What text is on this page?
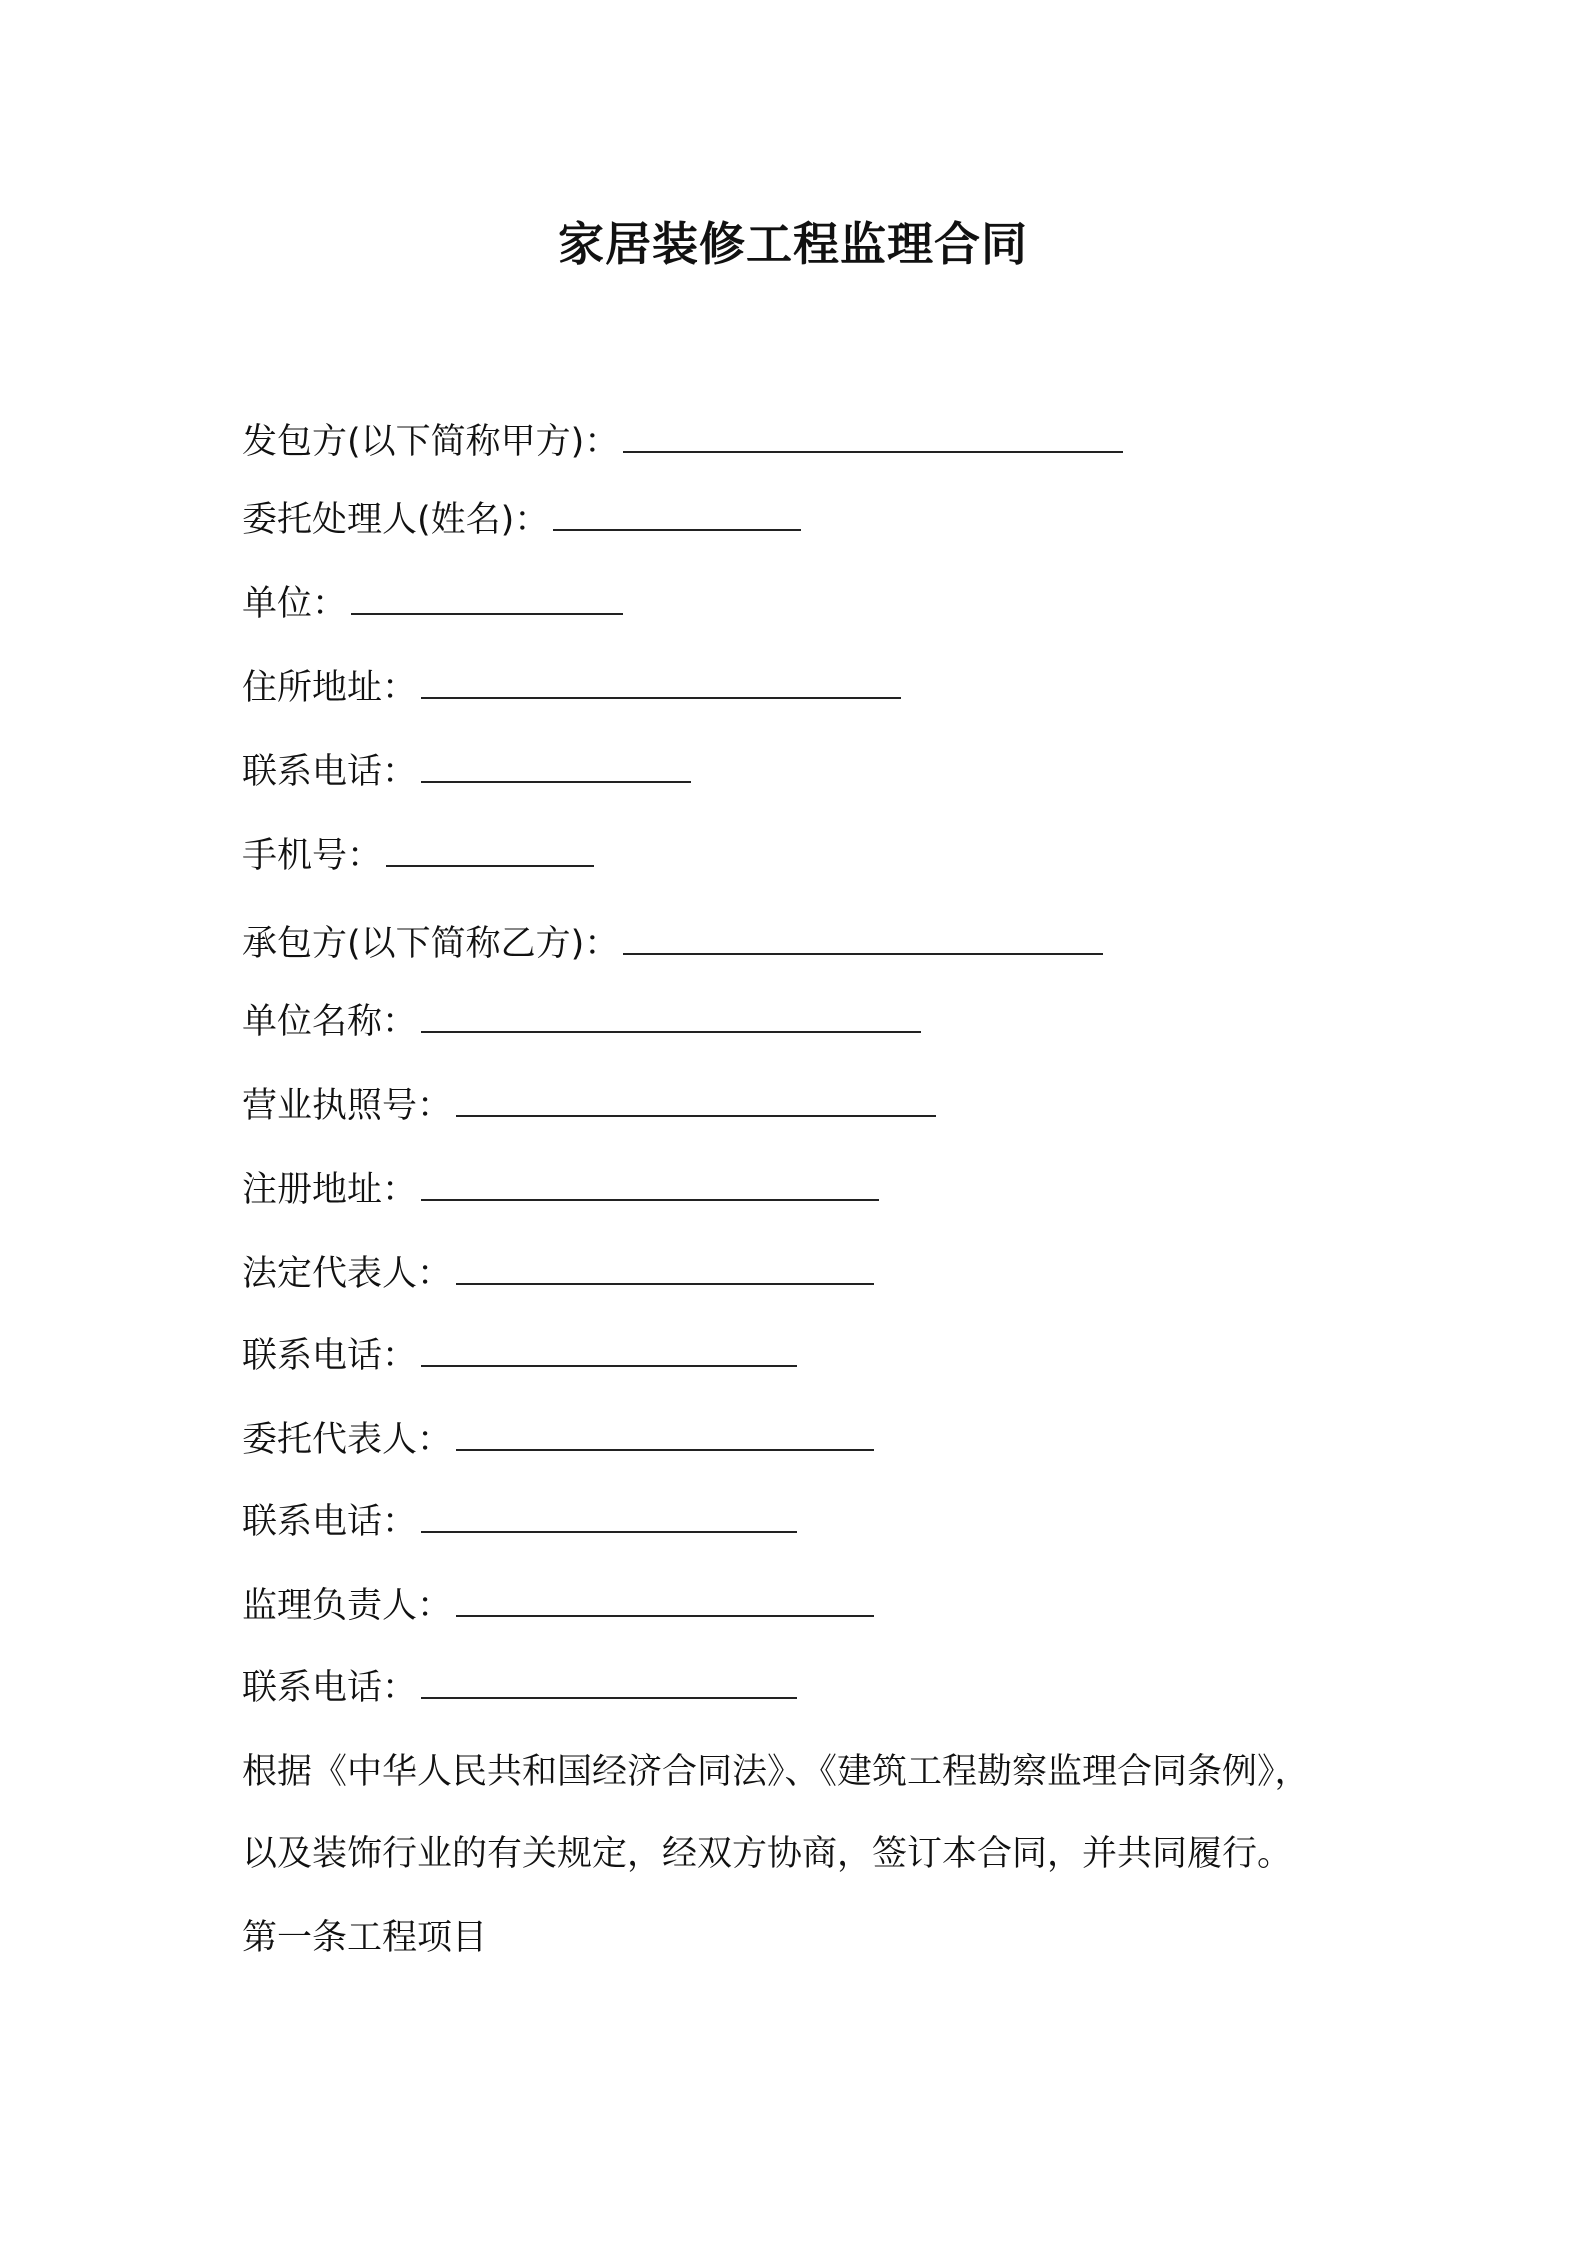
家居装修工程监理合同
发包方(以下简称甲方)：
委托处理人(姓名)：
单位：
住所地址：
联系电话：
手机号：
承包方(以下简称乙方)：
单位名称：
营业执照号：
注册地址：
法定代表人：
联系电话：
委托代表人：
联系电话：
监理负责人：
联系电话：

根据《中华人民共和国经济合同法》、《建筑工程勘察监理合同条例》，

以及装饰行业的有关规定，经双方协商，签订本合同，并共同履行。

第一条工程项目
